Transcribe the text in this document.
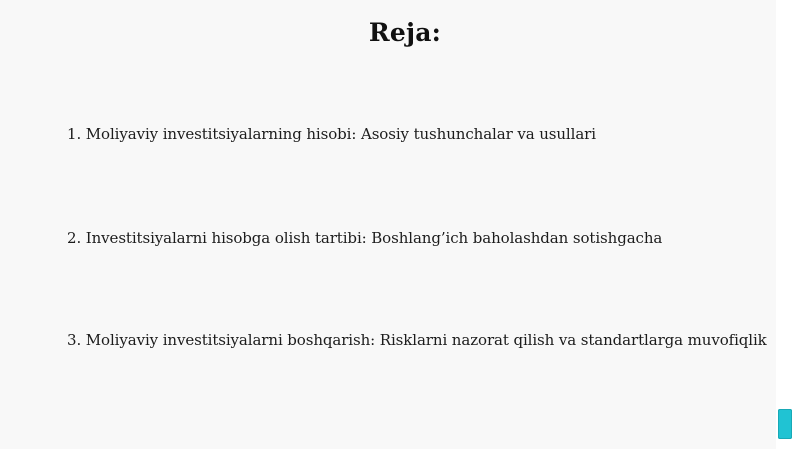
Reja:
1. Moliyaviy investitsiyalarning hisobi: Asosiy tushunchalar va usullari
2. Investitsiyalarni hisobga olish tartibi: Boshlang’ich baholashdan sotishgacha
3. Moliyaviy investitsiyalarni boshqarish: Risklarni nazorat qilish va standartlarga muvofiqlik
